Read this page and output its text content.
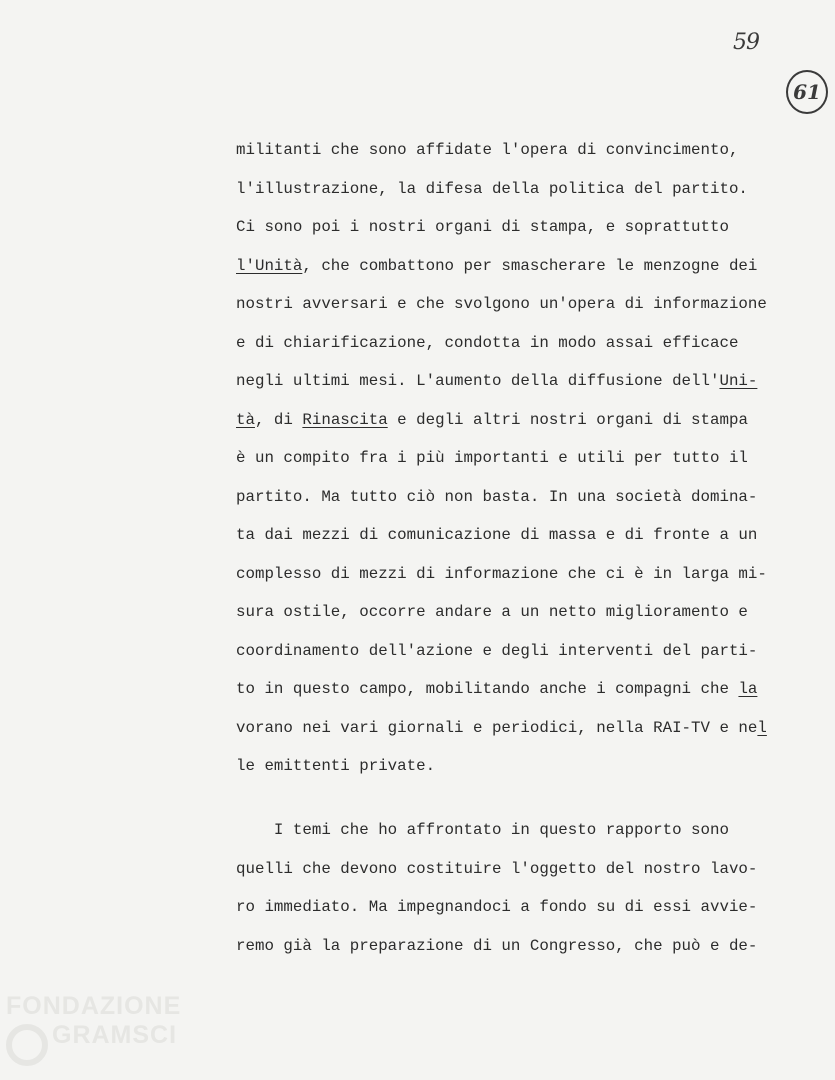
59
61
militanti che sono affidate l'opera di convincimento,
l'illustrazione, la difesa della politica del partito.
Ci sono poi i nostri organi di stampa, e soprattutto
l'Unità, che combattono per smascherare le menzogne dei
nostri avversari e che svolgono un'opera di informazione
e di chiarificazione, condotta in modo assai efficace
negli ultimi mesi. L'aumento della diffusione dell'Uni-
tà, di Rinascita e degli altri nostri organi di stampa
è un compito fra i più importanti e utili per tutto il
partito. Ma tutto ciò non basta. In una società domina-
ta dai mezzi di comunicazione di massa e di fronte a un
complesso di mezzi di informazione che ci è in larga mi-
sura ostile, occorre andare a un netto miglioramento e
coordinamento dell'azione e degli interventi del parti-
to in questo campo, mobilitando anche i compagni che la
vorano nei vari giornali e periodici, nella RAI-TV e nel
le emittenti private.
I temi che ho affrontato in questo rapporto sono
quelli che devono costituire l'oggetto del nostro lavo-
ro immediato. Ma impegnandoci a fondo su di essi avvie-
remo già la preparazione di un Congresso, che può e de-
FONDAZIONE
GRAMSCI
